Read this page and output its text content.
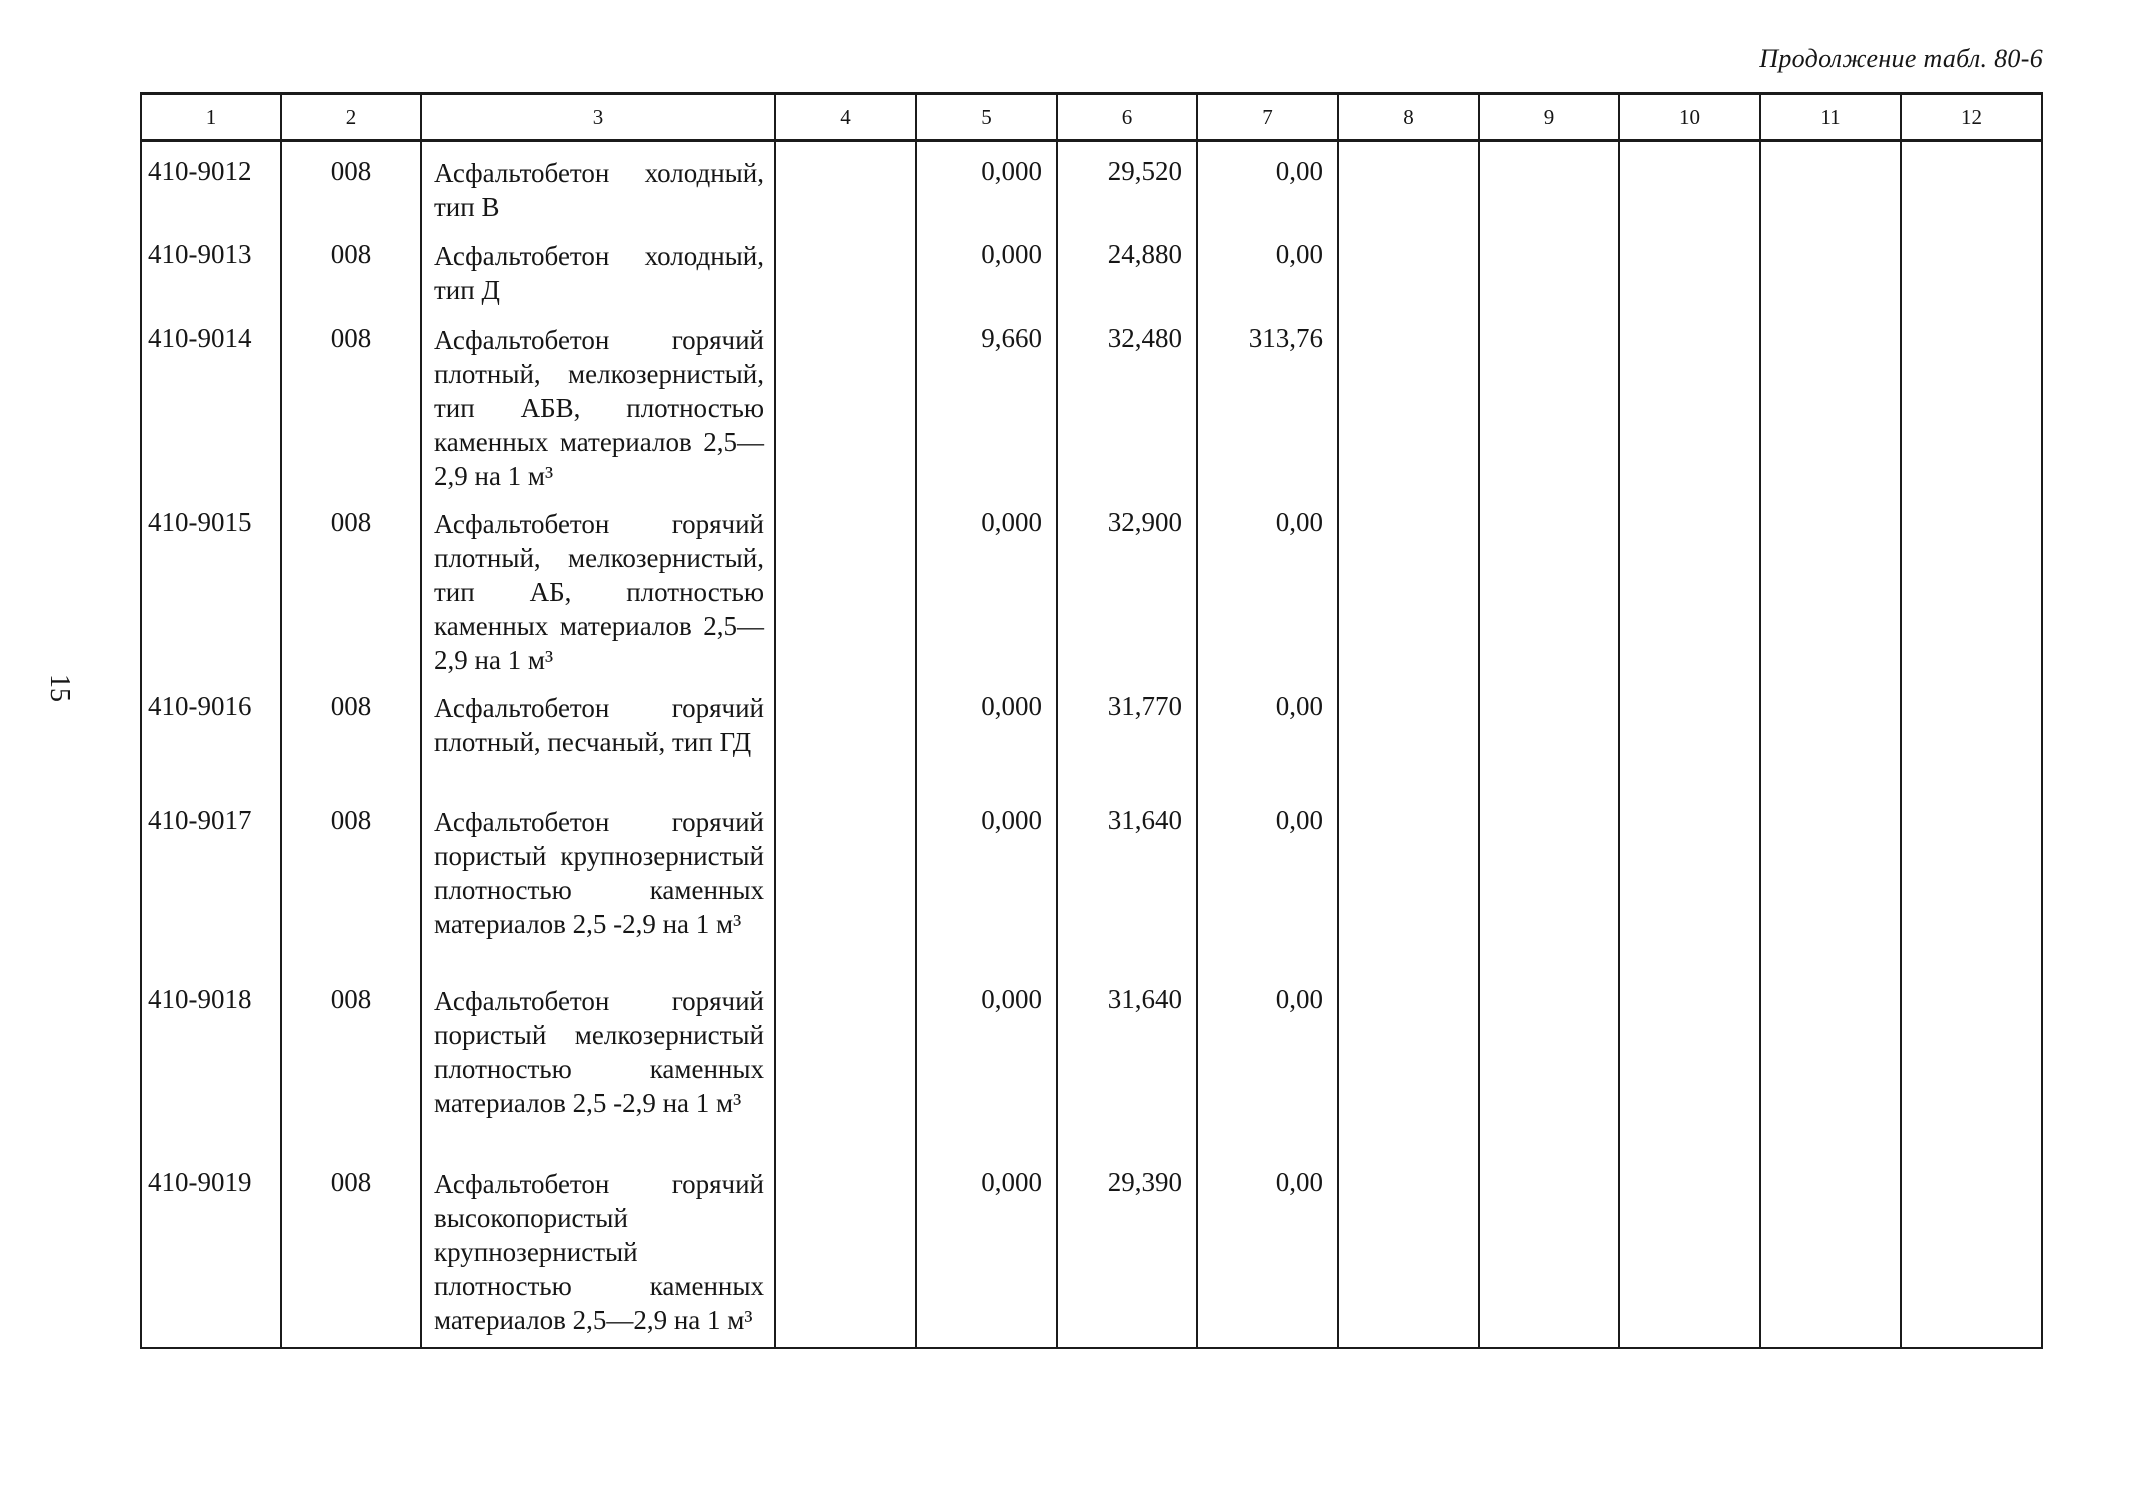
Продолжение табл. 80-6
15
1	2	3	4	5	6	7	8	9	10	11	12
410-9012	008	Асфальтобетон холодный, тип В		0,000	29,520	0,00					
410-9013	008	Асфальтобетон холодный, тип Д		0,000	24,880	0,00					
410-9014	008	Асфальтобетон горячий плотный, мелкозернистый, тип АБВ, плотностью каменных материалов 2,5—2,9 на 1 м³		9,660	32,480	313,76					
410-9015	008	Асфальтобетон горячий плотный, мелкозернистый, тип АБ, плотностью каменных материалов 2,5—2,9 на 1 м³		0,000	32,900	0,00					
410-9016	008	Асфальтобетон горячий плотный, песчаный, тип ГД		0,000	31,770	0,00					
410-9017	008	Асфальтобетон горячий пористый крупнозернистый плотностью каменных материалов 2,5 -2,9 на 1 м³		0,000	31,640	0,00					
410-9018	008	Асфальтобетон горячий пористый мелкозернистый плотностью каменных материалов 2,5 -2,9 на 1 м³		0,000	31,640	0,00					
410-9019	008	Асфальтобетон горячий высокопористый крупнозернистый плотностью каменных материалов 2,5—2,9 на 1 м³		0,000	29,390	0,00					
